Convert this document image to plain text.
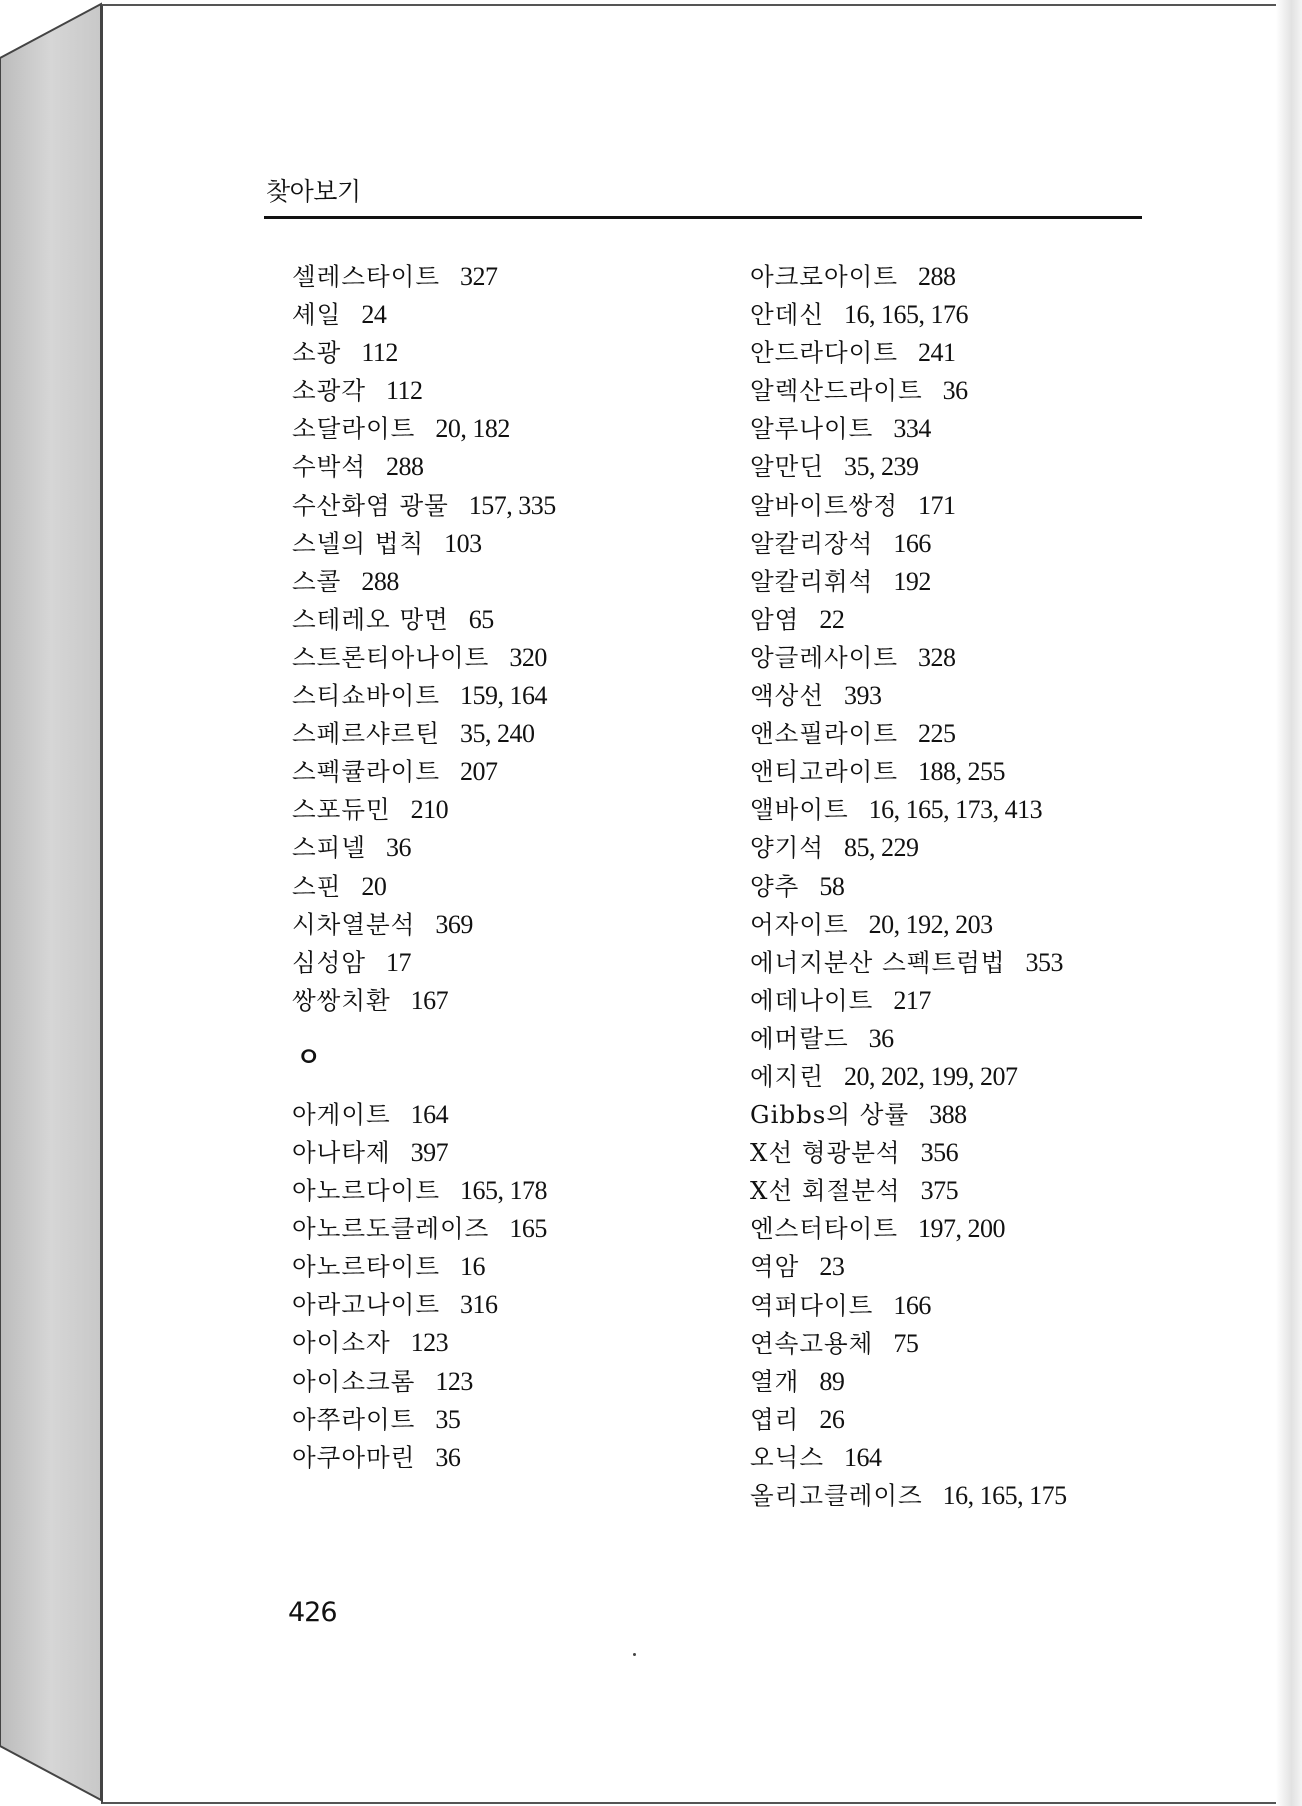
찾아보기
셀레스타이트 327
셰일 24
소광 112
소광각 112
소달라이트 20, 182
수박석 288
수산화염 광물 157, 335
스넬의 법칙 103
스콜 288
스테레오 망면 65
스트론티아나이트 320
스티쇼바이트 159, 164
스페르샤르틴 35, 240
스펙큘라이트 207
스포듀민 210
스피넬 36
스핀 20
시차열분석 369
심성암 17
쌍쌍치환 167
ㅇ
아게이트 164
아나타제 397
아노르다이트 165, 178
아노르도클레이즈 165
아노르타이트 16
아라고나이트 316
아이소자 123
아이소크롬 123
아쭈라이트 35
아쿠아마린 36
아크로아이트 288
안데신 16, 165, 176
안드라다이트 241
알렉산드라이트 36
알루나이트 334
알만딘 35, 239
알바이트쌍정 171
알칼리장석 166
알칼리휘석 192
암염 22
앙글레사이트 328
액상선 393
앤소필라이트 225
앤티고라이트 188, 255
앨바이트 16, 165, 173, 413
양기석 85, 229
양추 58
어자이트 20, 192, 203
에너지분산 스펙트럼법 353
에데나이트 217
에머랄드 36
에지린 20, 202, 199, 207
Gibbs의 상률 388
X선 형광분석 356
X선 회절분석 375
엔스터타이트 197, 200
역암 23
역퍼다이트 166
연속고용체 75
열개 89
엽리 26
오닉스 164
올리고클레이즈 16, 165, 175
426
